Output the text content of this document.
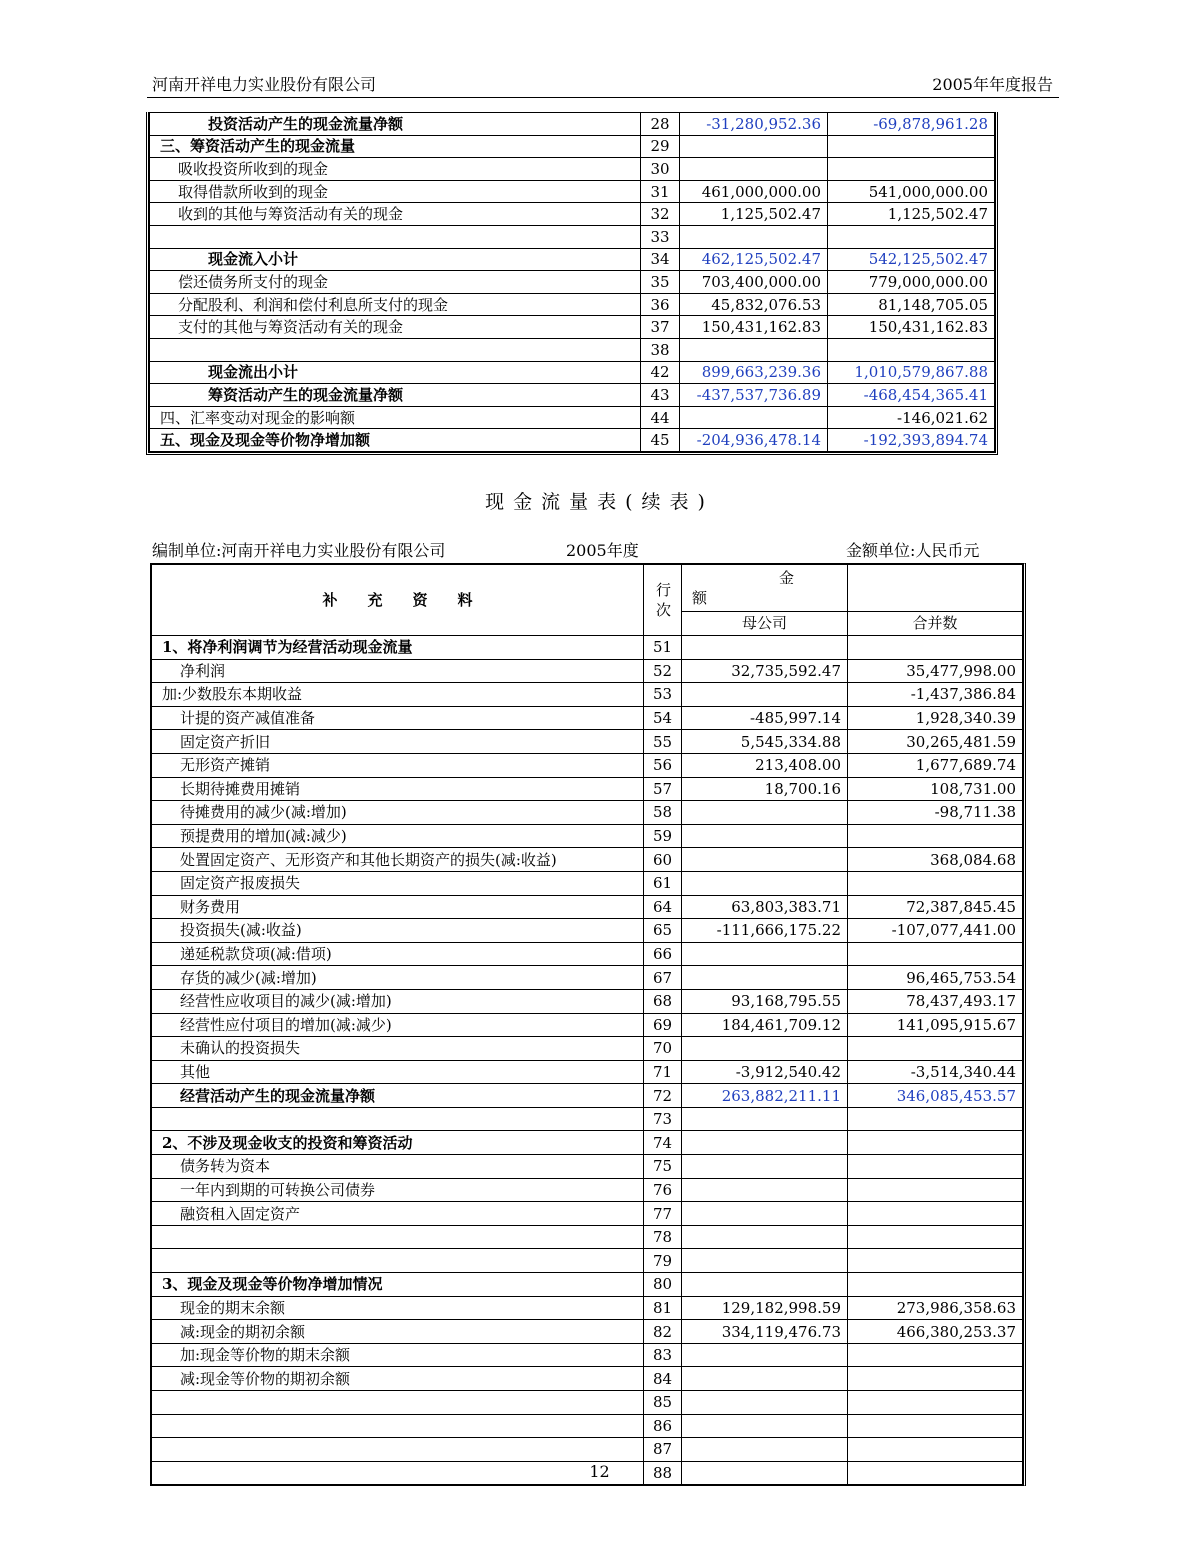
河南开祥电力实业股份有限公司	2005年年度报告
投资活动产生的现金流量净额	28	-31,280,952.36	-69,878,961.28
三、筹资活动产生的现金流量	29		
吸收投资所收到的现金	30		
取得借款所收到的现金	31	461,000,000.00	541,000,000.00
收到的其他与筹资活动有关的现金	32	1,125,502.47	1,125,502.47
	33		
现金流入小计	34	462,125,502.47	542,125,502.47
偿还债务所支付的现金	35	703,400,000.00	779,000,000.00
分配股利、利润和偿付利息所支付的现金	36	45,832,076.53	81,148,705.05
支付的其他与筹资活动有关的现金	37	150,431,162.83	150,431,162.83
	38		
现金流出小计	42	899,663,239.36	1,010,579,867.88
筹资活动产生的现金流量净额	43	-437,537,736.89	-468,454,365.41
四、汇率变动对现金的影响额	44		-146,021.62
五、现金及现金等价物净增加额	45	-204,936,478.14	-192,393,894.74
现金流量表(续表)
编制单位:河南开祥电力实业股份有限公司	2005年度	金额单位:人民币元
补　　充　　资　　料	行次	金
额	

		母公司	合并数
1、将净利润调节为经营活动现金流量	51		
净利润	52	32,735,592.47	35,477,998.00
加:少数股东本期收益	53		-1,437,386.84
计提的资产减值准备	54	-485,997.14	1,928,340.39
固定资产折旧	55	5,545,334.88	30,265,481.59
无形资产摊销	56	213,408.00	1,677,689.74
长期待摊费用摊销	57	18,700.16	108,731.00
待摊费用的减少(减:增加)	58		-98,711.38
预提费用的增加(减:减少)	59		
处置固定资产、无形资产和其他长期资产的损失(减:收益)	60		368,084.68
固定资产报废损失	61		
财务费用	64	63,803,383.71	72,387,845.45
投资损失(减:收益)	65	-111,666,175.22	-107,077,441.00
递延税款贷项(减:借项)	66		
存货的减少(减:增加)	67		96,465,753.54
经营性应收项目的减少(减:增加)	68	93,168,795.55	78,437,493.17
经营性应付项目的增加(减:减少)	69	184,461,709.12	141,095,915.67
未确认的投资损失	70		
其他	71	-3,912,540.42	-3,514,340.44
经营活动产生的现金流量净额	72	263,882,211.11	346,085,453.57
	73		
2、不涉及现金收支的投资和筹资活动	74		
债务转为资本	75		
一年内到期的可转换公司债券	76		
融资租入固定资产	77		
	78		
	79		
3、现金及现金等价物净增加情况	80		
现金的期末余额	81	129,182,998.59	273,986,358.63
减:现金的期初余额	82	334,119,476.73	466,380,253.37
加:现金等价物的期末余额	83		
减:现金等价物的期初余额	84		
	85		
	86		
	87		
	88		
12
